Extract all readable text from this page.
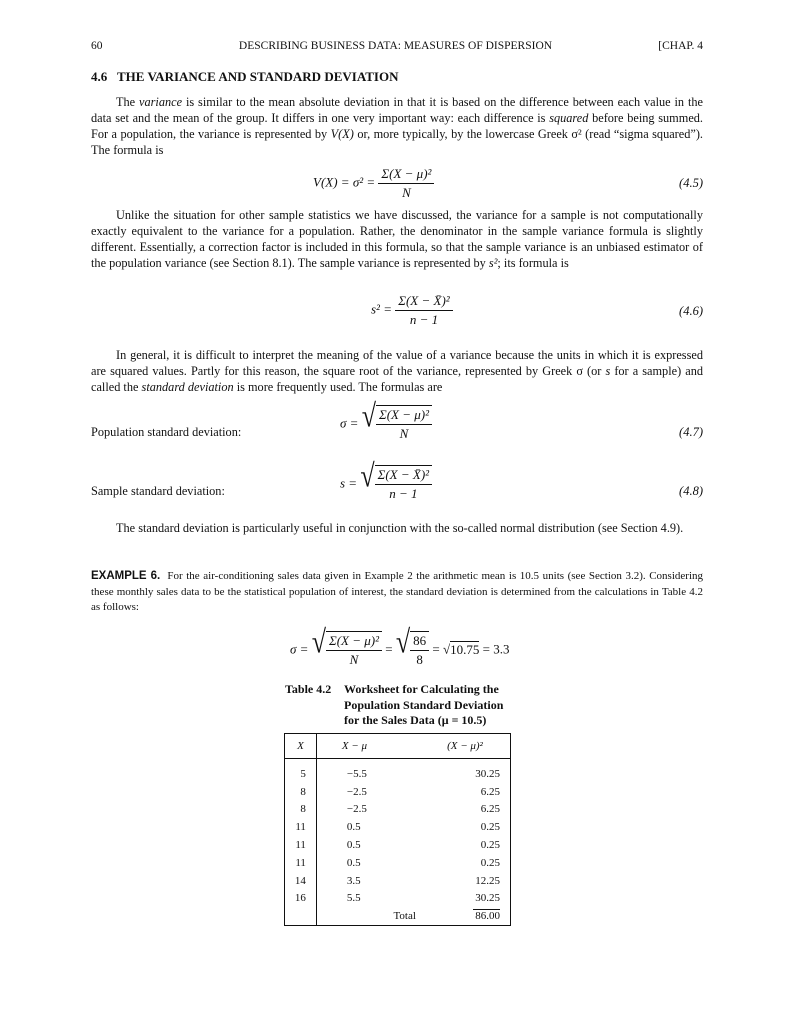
60	DESCRIBING BUSINESS DATA: MEASURES OF DISPERSION	[CHAP. 4
4.6 THE VARIANCE AND STANDARD DEVIATION
The variance is similar to the mean absolute deviation in that it is based on the difference between each value in the data set and the mean of the group. It differs in one very important way: each difference is squared before being summed. For a population, the variance is represented by V(X) or, more typically, by the lowercase Greek σ² (read “sigma squared”). The formula is
$V(X) = \sigma^2 = \frac{\text{Σ(X − μ)²}}{N}$	(4.5)
Unlike the situation for other sample statistics we have discussed, the variance for a sample is not computationally exactly equivalent to the variance for a population. Rather, the denominator in the sample variance formula is slightly different. Essentially, a correction factor is included in this formula, so that the sample variance is an unbiased estimator of the population variance (see Section 8.1). The sample variance is represented by s²; its formula is
$s^2 = \frac{\text{Σ(X − X̄)²}}{n - 1}$	(4.6)
In general, it is difficult to interpret the meaning of the value of a variance because the units in which it is expressed are squared values. Partly for this reason, the square root of the variance, represented by Greek σ (or s for a sample) and called the standard deviation is more frequently used. The formulas are
Population standard deviation:
σ = √ $\frac{\text{Σ(X − μ)²}}{N}$	(4.7)
Sample standard deviation:
s = √ $\frac{\text{Σ(X − X̄)²}}{n - 1}$	(4.8)
The standard deviation is particularly useful in conjunction with the so-called normal distribution (see Section 4.9).
EXAMPLE 6. For the air-conditioning sales data given in Example 2 the arithmetic mean is 10.5 units (see Section 3.2). Considering these monthly sales data to be the statistical population of interest, the standard deviation is determined from the calculations in Table 4.2 as follows:
σ = √ $\frac{\text{Σ(X − μ)²}}{N}$ = √ $\frac{86}{8} = √10.75 = 3.3$
Table 4.2 Worksheet for Calculating the
Population Standard Deviation
for the Sales Data (μ = 10.5)
X	X − μ	(X − μ)²
5	−5.5	30.25
8	−2.5	6.25
8	−2.5	6.25
11	0.5	0.25
11	0.5	0.25
11	0.5	0.25
14	3.5	12.25
16	5.5	30.25
	Total	86.00
